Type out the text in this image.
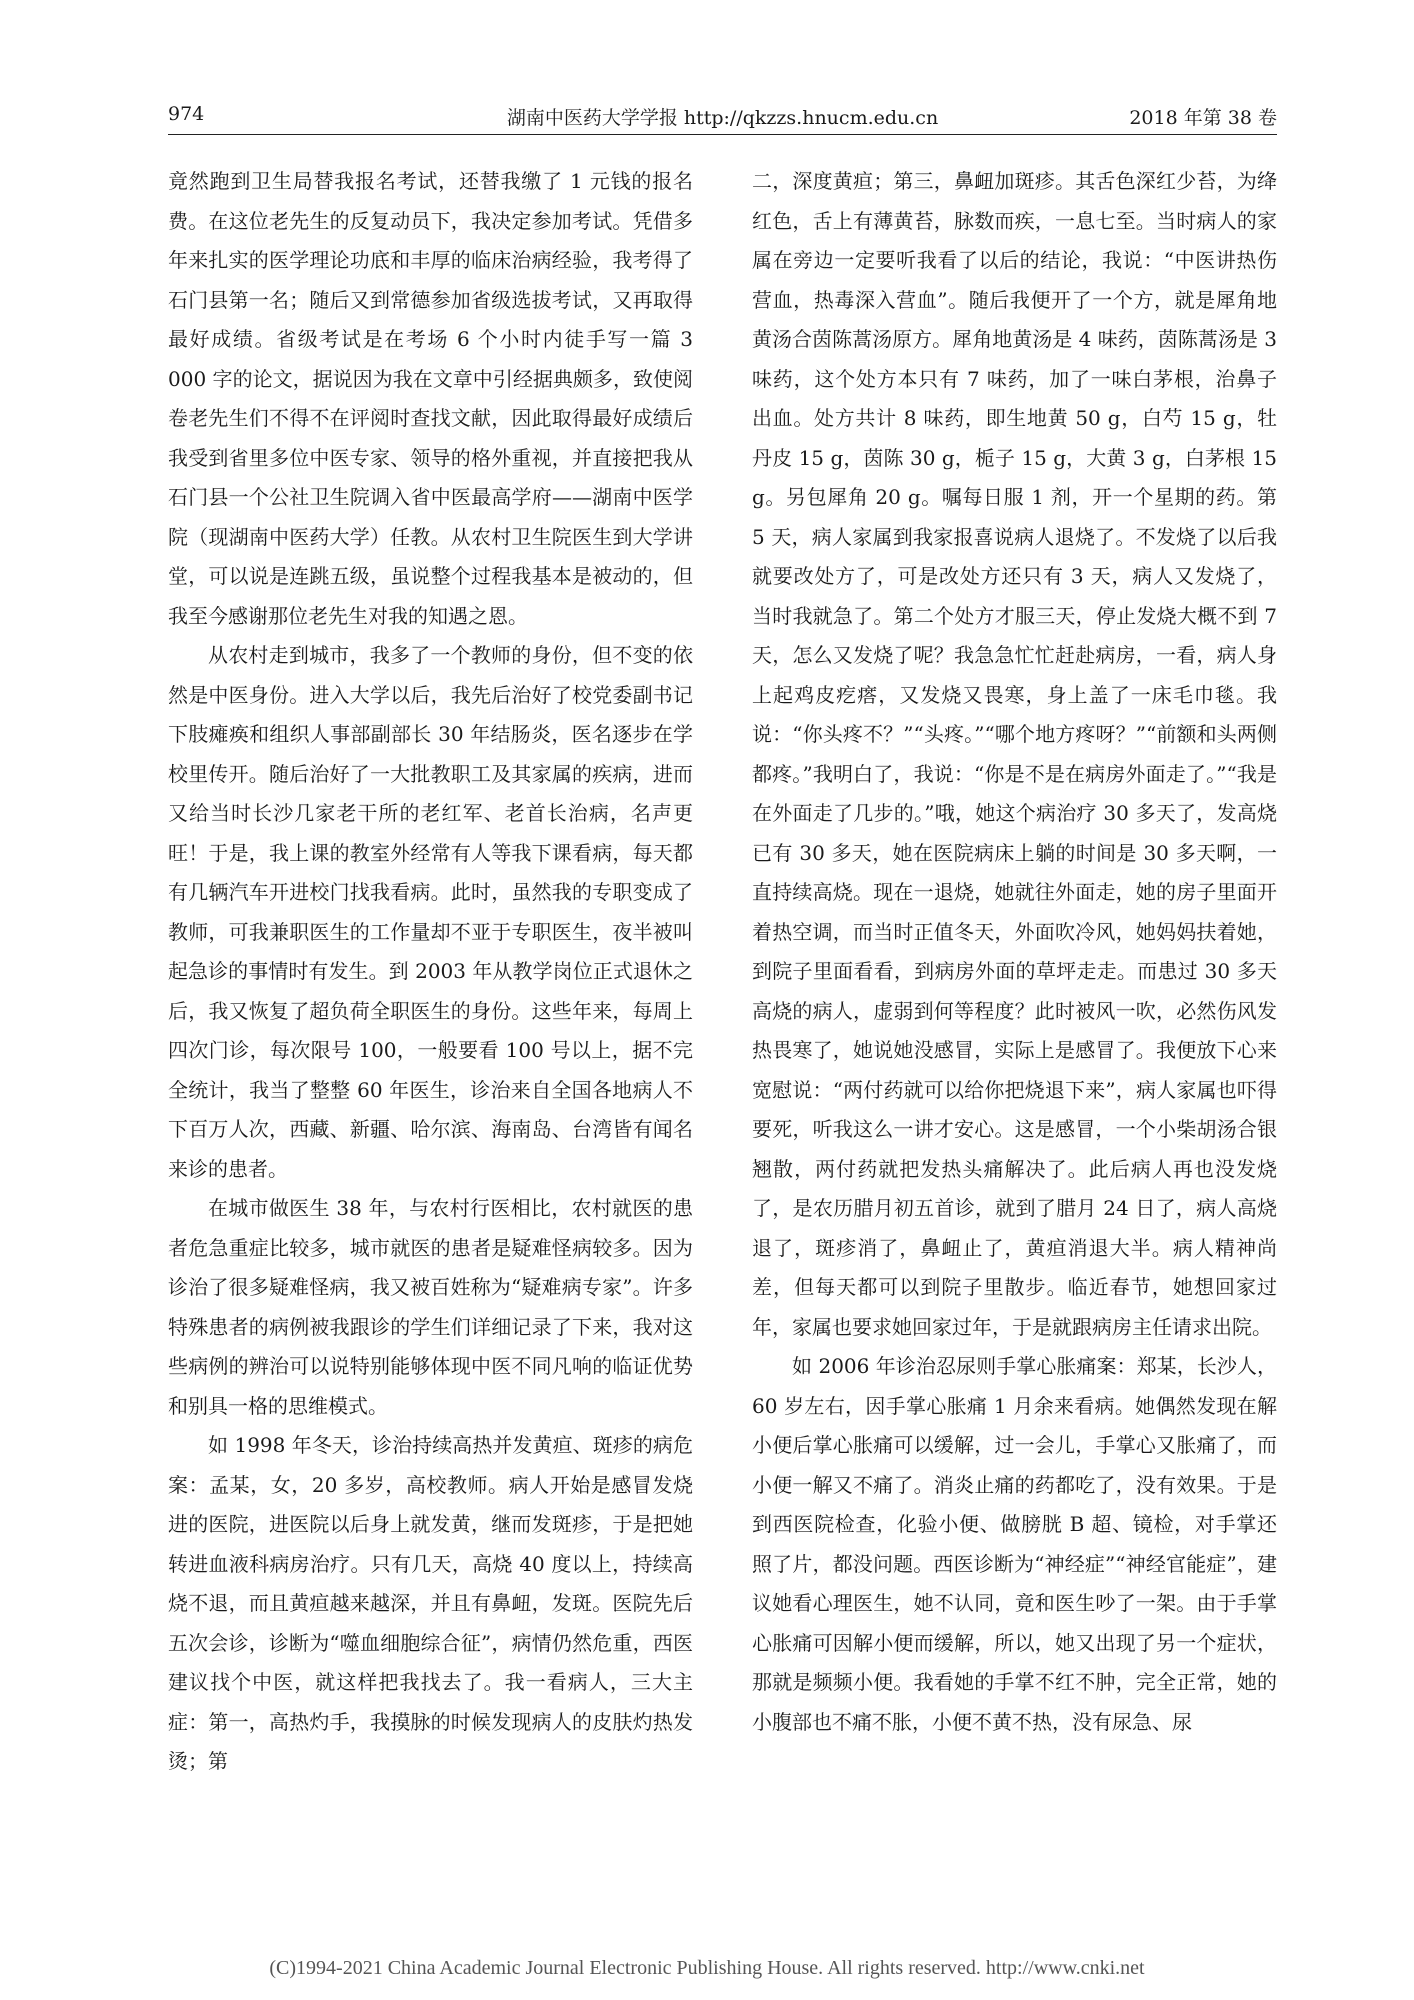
974	湖南中医药大学学报 http://qkzzs.hnucm.edu.cn	2018 年第 38 卷

竟然跑到卫生局替我报名考试，还替我缴了 1 元钱的报名费。在这位老先生的反复动员下，我决定参加考试。凭借多年来扎实的医学理论功底和丰厚的临床治病经验，我考得了石门县第一名；随后又到常德参加省级选拔考试，又再取得最好成绩。省级考试是在考场 6 个小时内徒手写一篇 3 000 字的论文，据说因为我在文章中引经据典颇多，致使阅卷老先生们不得不在评阅时查找文献，因此取得最好成绩后我受到省里多位中医专家、领导的格外重视，并直接把我从石门县一个公社卫生院调入省中医最高学府——湖南中医学院（现湖南中医药大学）任教。从农村卫生院医生到大学讲堂，可以说是连跳五级，虽说整个过程我基本是被动的，但我至今感谢那位老先生对我的知遇之恩。

从农村走到城市，我多了一个教师的身份，但不变的依然是中医身份。进入大学以后，我先后治好了校党委副书记下肢瘫痪和组织人事部副部长 30 年结肠炎，医名逐步在学校里传开。随后治好了一大批教职工及其家属的疾病，进而又给当时长沙几家老干所的老红军、老首长治病，名声更旺！于是，我上课的教室外经常有人等我下课看病，每天都有几辆汽车开进校门找我看病。此时，虽然我的专职变成了教师，可我兼职医生的工作量却不亚于专职医生，夜半被叫起急诊的事情时有发生。到 2003 年从教学岗位正式退休之后，我又恢复了超负荷全职医生的身份。这些年来，每周上四次门诊，每次限号 100，一般要看 100 号以上，据不完全统计，我当了整整 60 年医生，诊治来自全国各地病人不下百万人次，西藏、新疆、哈尔滨、海南岛、台湾皆有闻名来诊的患者。

在城市做医生 38 年，与农村行医相比，农村就医的患者危急重症比较多，城市就医的患者是疑难怪病较多。因为诊治了很多疑难怪病，我又被百姓称为“疑难病专家”。许多特殊患者的病例被我跟诊的学生们详细记录了下来，我对这些病例的辨治可以说特别能够体现中医不同凡响的临证优势和别具一格的思维模式。

如 1998 年冬天，诊治持续高热并发黄疸、斑疹的病危案：孟某，女，20 多岁，高校教师。病人开始是感冒发烧进的医院，进医院以后身上就发黄，继而发斑疹，于是把她转进血液科病房治疗。只有几天，高烧 40 度以上，持续高烧不退，而且黄疸越来越深，并且有鼻衄，发斑。医院先后五次会诊，诊断为“噬血细胞综合征”，病情仍然危重，西医建议找个中医，就这样把我找去了。我一看病人，三大主症：第一，高热灼手，我摸脉的时候发现病人的皮肤灼热发烫；第

二，深度黄疸；第三，鼻衄加斑疹。其舌色深红少苔，为绛红色，舌上有薄黄苔，脉数而疾，一息七至。当时病人的家属在旁边一定要听我看了以后的结论，我说：“中医讲热伤营血，热毒深入营血”。随后我便开了一个方，就是犀角地黄汤合茵陈蒿汤原方。犀角地黄汤是 4 味药，茵陈蒿汤是 3 味药，这个处方本只有 7 味药，加了一味白茅根，治鼻子出血。处方共计 8 味药，即生地黄 50 g，白芍 15 g，牡丹皮 15 g，茵陈 30 g，栀子 15 g，大黄 3 g，白茅根 15 g。另包犀角 20 g。嘱每日服 1 剂，开一个星期的药。第 5 天，病人家属到我家报喜说病人退烧了。不发烧了以后我就要改处方了，可是改处方还只有 3 天，病人又发烧了，当时我就急了。第二个处方才服三天，停止发烧大概不到 7 天，怎么又发烧了呢？我急急忙忙赶赴病房，一看，病人身上起鸡皮疙瘩，又发烧又畏寒，身上盖了一床毛巾毯。我说：“你头疼不？”“头疼。”“哪个地方疼呀？”“前额和头两侧都疼。”我明白了，我说：“你是不是在病房外面走了。”“我是在外面走了几步的。”哦，她这个病治疗 30 多天了，发高烧已有 30 多天，她在医院病床上躺的时间是 30 多天啊，一直持续高烧。现在一退烧，她就往外面走，她的房子里面开着热空调，而当时正值冬天，外面吹冷风，她妈妈扶着她，到院子里面看看，到病房外面的草坪走走。而患过 30 多天高烧的病人，虚弱到何等程度？此时被风一吹，必然伤风发热畏寒了，她说她没感冒，实际上是感冒了。我便放下心来宽慰说：“两付药就可以给你把烧退下来”，病人家属也吓得要死，听我这么一讲才安心。这是感冒，一个小柴胡汤合银翘散，两付药就把发热头痛解决了。此后病人再也没发烧了，是农历腊月初五首诊，就到了腊月 24 日了，病人高烧退了，斑疹消了，鼻衄止了，黄疸消退大半。病人精神尚差，但每天都可以到院子里散步。临近春节，她想回家过年，家属也要求她回家过年，于是就跟病房主任请求出院。

如 2006 年诊治忍尿则手掌心胀痛案：郑某，长沙人，60 岁左右，因手掌心胀痛 1 月余来看病。她偶然发现在解小便后掌心胀痛可以缓解，过一会儿，手掌心又胀痛了，而小便一解又不痛了。消炎止痛的药都吃了，没有效果。于是到西医院检查，化验小便、做膀胱 B 超、镜检，对手掌还照了片，都没问题。西医诊断为“神经症”“神经官能症”，建议她看心理医生，她不认同，竟和医生吵了一架。由于手掌心胀痛可因解小便而缓解，所以，她又出现了另一个症状，那就是频频小便。我看她的手掌不红不肿，完全正常，她的小腹部也不痛不胀，小便不黄不热，没有尿急、尿

(C)1994-2021 China Academic Journal Electronic Publishing House. All rights reserved. http://www.cnki.net
